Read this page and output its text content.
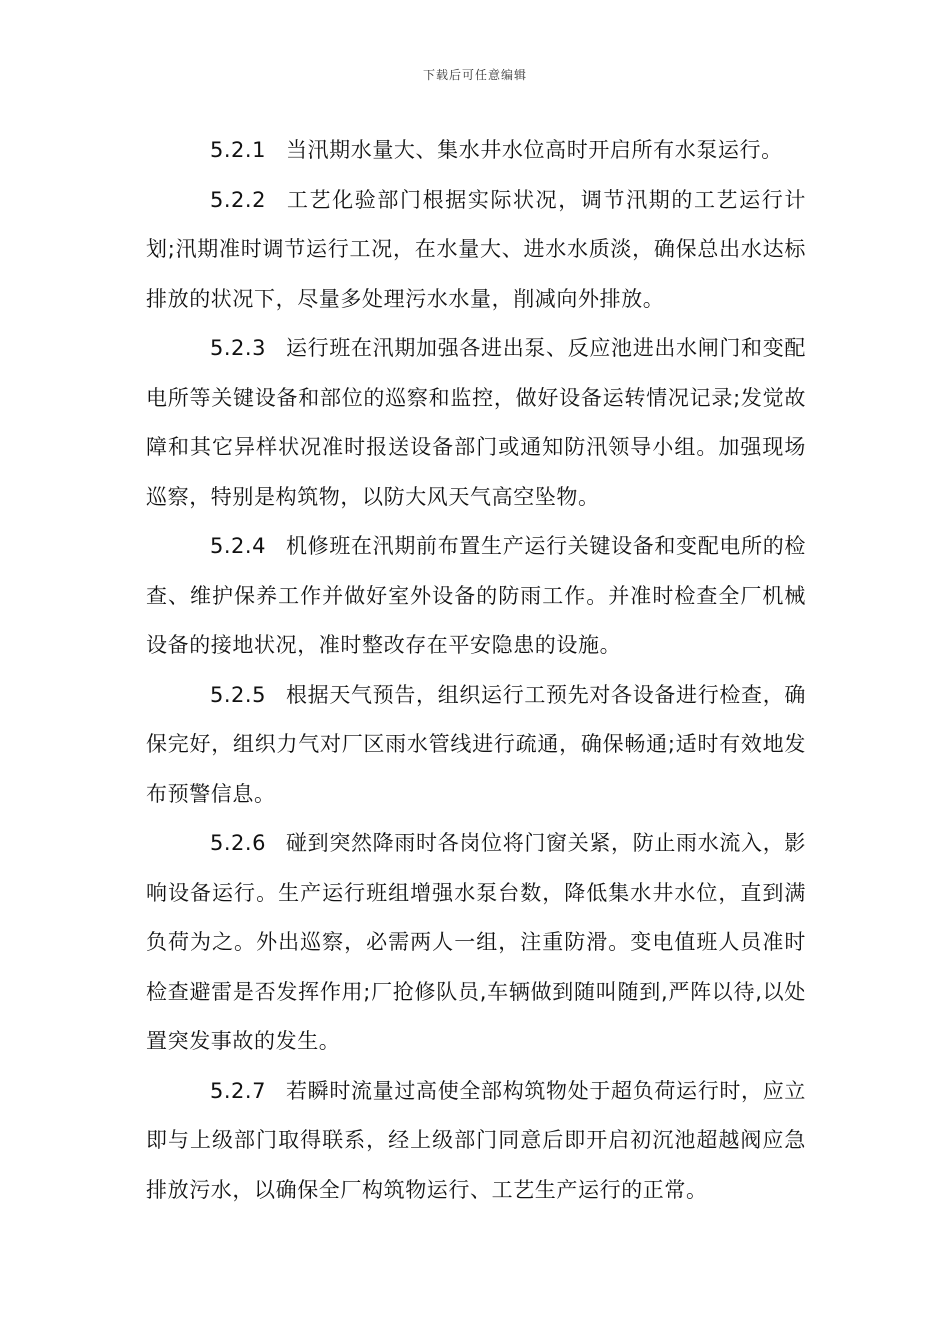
下载后可任意编辑

5.2.1 当汛期水量大、集水井水位高时开启所有水泵运行。

5.2.2 工艺化验部门根据实际状况，调节汛期的工艺运行计划;汛期准时调节运行工况，在水量大、进水水质淡，确保总出水达标排放的状况下，尽量多处理污水水量，削减向外排放。

5.2.3 运行班在汛期加强各进出泵、反应池进出水闸门和变配电所等关键设备和部位的巡察和监控，做好设备运转情况记录;发觉故障和其它异样状况准时报送设备部门或通知防汛领导小组。加强现场巡察，特别是构筑物，以防大风天气高空坠物。

5.2.4 机修班在汛期前布置生产运行关键设备和变配电所的检查、维护保养工作并做好室外设备的防雨工作。并准时检查全厂机械设备的接地状况，准时整改存在平安隐患的设施。

5.2.5 根据天气预告，组织运行工预先对各设备进行检查，确保完好，组织力气对厂区雨水管线进行疏通，确保畅通;适时有效地发布预警信息。

5.2.6 碰到突然降雨时各岗位将门窗关紧，防止雨水流入，影响设备运行。生产运行班组增强水泵台数，降低集水井水位，直到满负荷为之。外出巡察，必需两人一组，注重防滑。变电值班人员准时检查避雷是否发挥作用;厂抢修队员,车辆做到随叫随到,严阵以待,以处置突发事故的发生。

5.2.7 若瞬时流量过高使全部构筑物处于超负荷运行时，应立即与上级部门取得联系，经上级部门同意后即开启初沉池超越阀应急排放污水，以确保全厂构筑物运行、工艺生产运行的正常。
